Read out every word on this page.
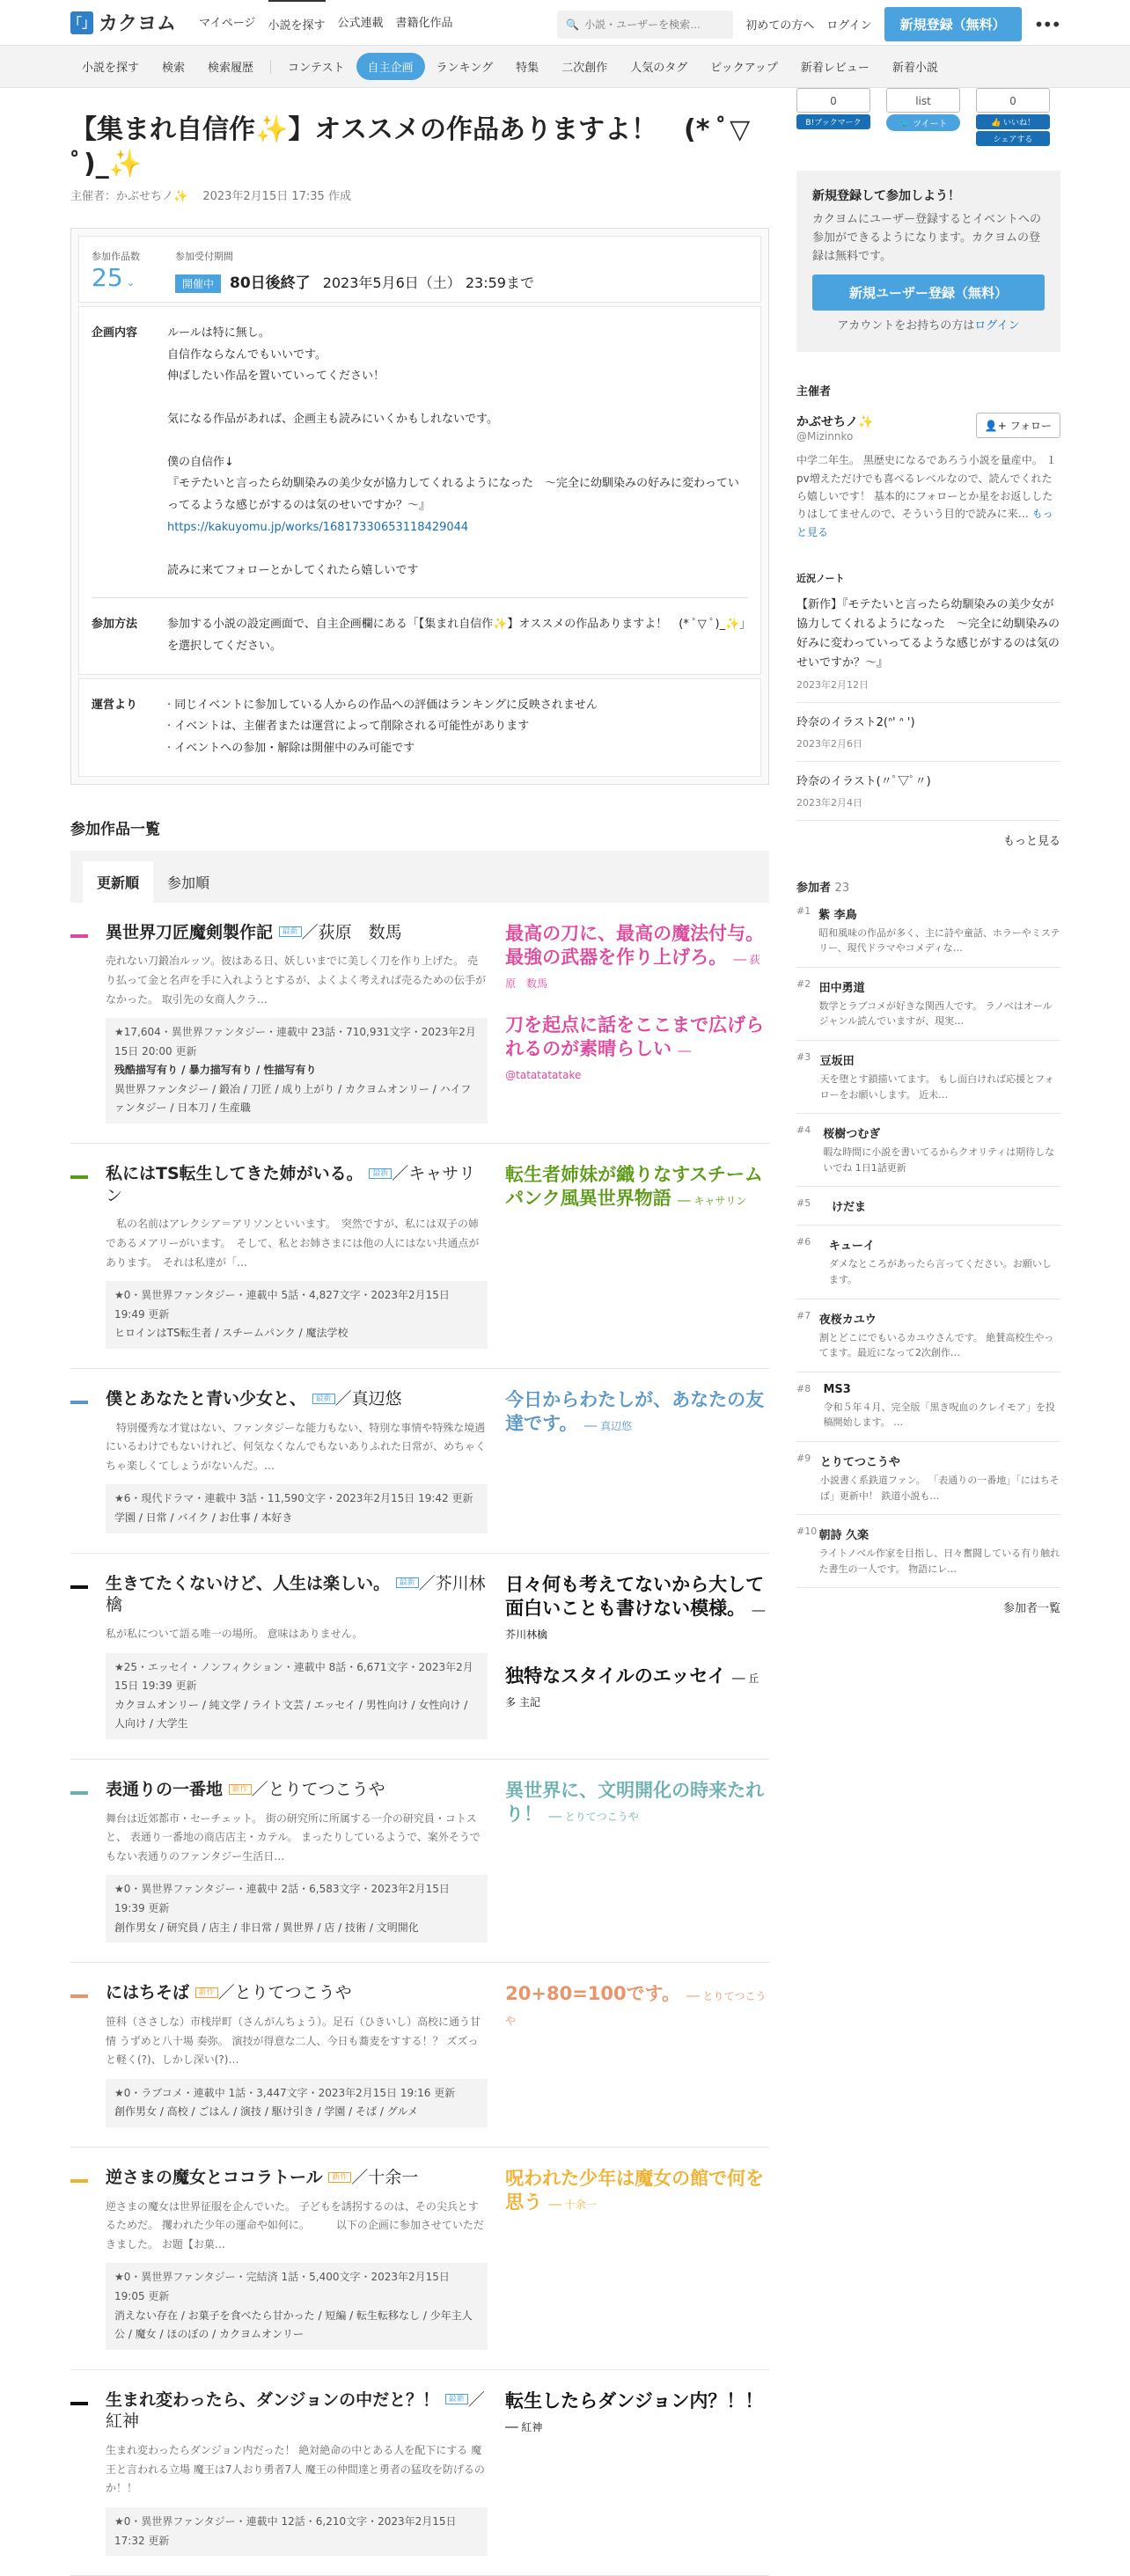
「」 カクヨム マイページ 小説を探す 公式連載 書籍化作品	🔍
小説・ユーザーを検索…	初めての方へ ログイン	新規登録（無料）	•••
小説を探す	検索	検索履歴	コンテスト	自主企画	ランキング	特集	二次創作	人気のタグ	ピックアップ	新着レビュー	新着小説
【集まれ自信作✨】オススメの作品ありますよ！　(* ﾟ▽ ﾟ)_✨
主催者：かぶせちノ✨　 2023年2月15日 17:35 作成
参加作品数
25 ⌄
参加受付期間
開催中 80日後終了 2023年5月6日（土） 23:59まで
企画内容	ルールは特に無し。

自信作ならなんでもいいです。

伸ばしたい作品を置いていってください！

気になる作品があれば、企画主も読みにいくかもしれないです。

僕の自信作↓

『モテたいと言ったら幼馴染みの美少女が協力してくれるようになった　～完全に幼馴染みの好みに変わっていってるような感じがするのは気のせいですか？～』

https://kakuyomu.jp/works/16817330653118429044

読みに来てフォローとかしてくれたら嬉しいです

参加方法	参加する小説の設定画面で、自主企画欄にある「【集まれ自信作✨】オススメの作品ありますよ！　(* ﾟ▽ ﾟ)_✨」を選択してください。
運営より	· 同じイベントに参加している人からの作品への評価はランキングに反映されません
· イベントは、主催者または運営によって削除される可能性があります
· イベントへの参加・解除は開催中のみ可能です
参加作品一覧
更新順	参加順
異世界刀匠魔剣製作記 最新 ／荻原　数馬
売れない刀鍛冶ルッツ。彼はある日、妖しいまでに美しく刀を作り上げた。 売り払って金と名声を手に入れようとするが、よくよく考えれば売るための伝手がなかった。 取引先の女商人クラ…
★17,604・異世界ファンタジー・連載中 23話・710,931文字・2023年2月15日 20:00 更新
残酷描写有り / 暴力描写有り / 性描写有り
異世界ファンタジー / 鍛冶 / 刀匠 / 成り上がり / カクヨムオンリー / ハイファンタジー / 日本刀 / 生産職
最高の刀に、最高の魔法付与。最強の武器を作り上げろ。 ── 荻原　数馬
刀を起点に話をここまで広げられるのが素晴らしい ── @tatatatatake
私にはTS転生してきた姉がいる。 最新 ／キャサリン
　私の名前はアレクシア＝アリソンといいます。　突然ですが、私には双子の姉であるメアリーがいます。　そして、私とお姉さまには他の人にはない共通点があります。　それは私達が「…
★0・異世界ファンタジー・連載中 5話・4,827文字・2023年2月15日 19:49 更新
ヒロインはTS転生者 / スチームパンク / 魔法学校
転生者姉妹が織りなすスチームパンク風異世界物語 ── キャサリン
僕とあなたと青い少女と、 最新 ／真辺悠
　特別優秀な才覚はない、ファンタジーな能力もない、特別な事情や特殊な境遇にいるわけでもないけれど、何気なくなんでもないありふれた日常が、めちゃくちゃ楽しくてしょうがないんだ。…
★6・現代ドラマ・連載中 3話・11,590文字・2023年2月15日 19:42 更新
学園 / 日常 / バイク / お仕事 / 本好き
今日からわたしが、あなたの友達です。 ── 真辺悠
生きてたくないけど、人生は楽しい。 最新 ／芥川林檎
私が私について語る唯一の場所。 意味はありません。
★25・エッセイ・ノンフィクション・連載中 8話・6,671文字・2023年2月15日 19:39 更新
カクヨムオンリー / 純文学 / ライト文芸 / エッセイ / 男性向け / 女性向け / 人向け / 大学生
日々何も考えてないから大して面白いことも書けない模様。 ── 芥川林檎
独特なスタイルのエッセイ ── 丘多 主記
表通りの一番地 新作 ／とりてつこうや
舞台は近郊都市・セーチェット。 街の研究所に所属する一介の研究員・コトスと、 表通り一番地の商店店主・カテル。 まったりしているようで、案外そうでもない表通りのファンタジー生活日…
★0・異世界ファンタジー・連載中 2話・6,583文字・2023年2月15日 19:39 更新
創作男女 / 研究員 / 店主 / 非日常 / 異世界 / 店 / 技術 / 文明開化
異世界に、文明開化の時来たれり！ ── とりてつこうや
にはちそば 新作 ／とりてつこうや
笹科（ささしな）市桟岸町（さんがんちょう）。足石（ひきいし）高校に通う甘情 うずめと八十場 奏弥。 演技が得意な二人、今日も蕎麦をすする！？ ズズっと軽く(?)、しかし深い(?)…
★0・ラブコメ・連載中 1話・3,447文字・2023年2月15日 19:16 更新
創作男女 / 高校 / ごはん / 演技 / 駆け引き / 学園 / そば / グルメ
20+80=100です。 ── とりてつこうや
逆さまの魔女とココラトール 新作 ／十余一
逆さまの魔女は世界征服を企んでいた。 子どもを誘拐するのは、その尖兵とするためだ。 攫われた少年の運命や如何に。　　　以下の企画に参加させていただきました。 お題【お菓…
★0・異世界ファンタジー・完結済 1話・5,400文字・2023年2月15日 19:05 更新
消えない存在 / お菓子を食べたら甘かった / 短編 / 転生転移なし / 少年主人公 / 魔女 / ほのぼの / カクヨムオンリー
呪われた少年は魔女の館で何を思う ── 十余一
生まれ変わったら、ダンジョンの中だと？！ 最新 ／紅神
生まれ変わったらダンジョン内だった！ 絶対絶命の中とある人を配下にする 魔王と言われる立場 魔王は7人おり勇者7人 魔王の仲間達と勇者の猛攻を防げるのか！！
★0・異世界ファンタジー・連載中 12話・6,210文字・2023年2月15日 17:32 更新
転生したらダンジョン内？！！ ── 紅神
0
B!ブックマーク
list
🐦 ツイート
0
👍 いいね！
シェアする
新規登録して参加しよう！

カクヨムにユーザー登録するとイベントへの参加ができるようになります。カクヨムの登録は無料です。

新規ユーザー登録（無料）

アカウントをお持ちの方はログイン

主催者
かぶせちノ✨
@Mizinnko
👤+ フォロー

中学二年生。 黒歴史になるであろう小説を量産中。 １pv増えただけでも喜べるレベルなので、読んでくれたら嬉しいです！ 基本的にフォローとか星をお返ししたりはしてませんので、そういう目的で読みに来… もっと見る

近況ノート
【新作】『モテたいと言ったら幼馴染みの美少女が協力してくれるようになった　～完全に幼馴染みの好みに変わっていってるような感じがするのは気のせいですか？～』
2023年2月12日
玲奈のイラスト2(ᐢ' ᐢ ')
2023年2月6日
玲奈のイラスト(〃ﾟ▽ﾟ〃)
2023年2月4日
もっと見る
参加者 23
#1 紫 李鳥
昭和風味の作品が多く、主に詩や童話、ホラーやミステリー、現代ドラマやコメディな…
#2 田中勇道
数学とラブコメが好きな関西人です。 ラノベはオールジャンル読んでいますが、現実…
#3 豆坂田
天を堕とす鎖描いてます。 もし面白ければ応援とフォローをお願いします。 近未…
#4	桜樹つむぎ
暇な時間に小説を書いてるからクオリティは期待しないでね 1日1話更新
#5	けだま
#6	キューイ
ダメなところがあったら言ってください。お願いします。
#7 夜桜カユウ
割とどこにでもいるカユウさんです。 絶賛高校生やってます。最近になって2次創作…
#8	MS3
令和５年４月、完全版「黒き呪血のクレイモア」を投稿開始します。 …
#9 とりてつこうや
小説書く系鉄道ファン。 「表通りの一番地」「にはちそば」更新中！ 鉄道小説も…
#10 朝詩 久楽
ライトノベル作家を目指し、日々奮闘している有り触れた書生の一人です。 物語にレ…
参加者一覧
